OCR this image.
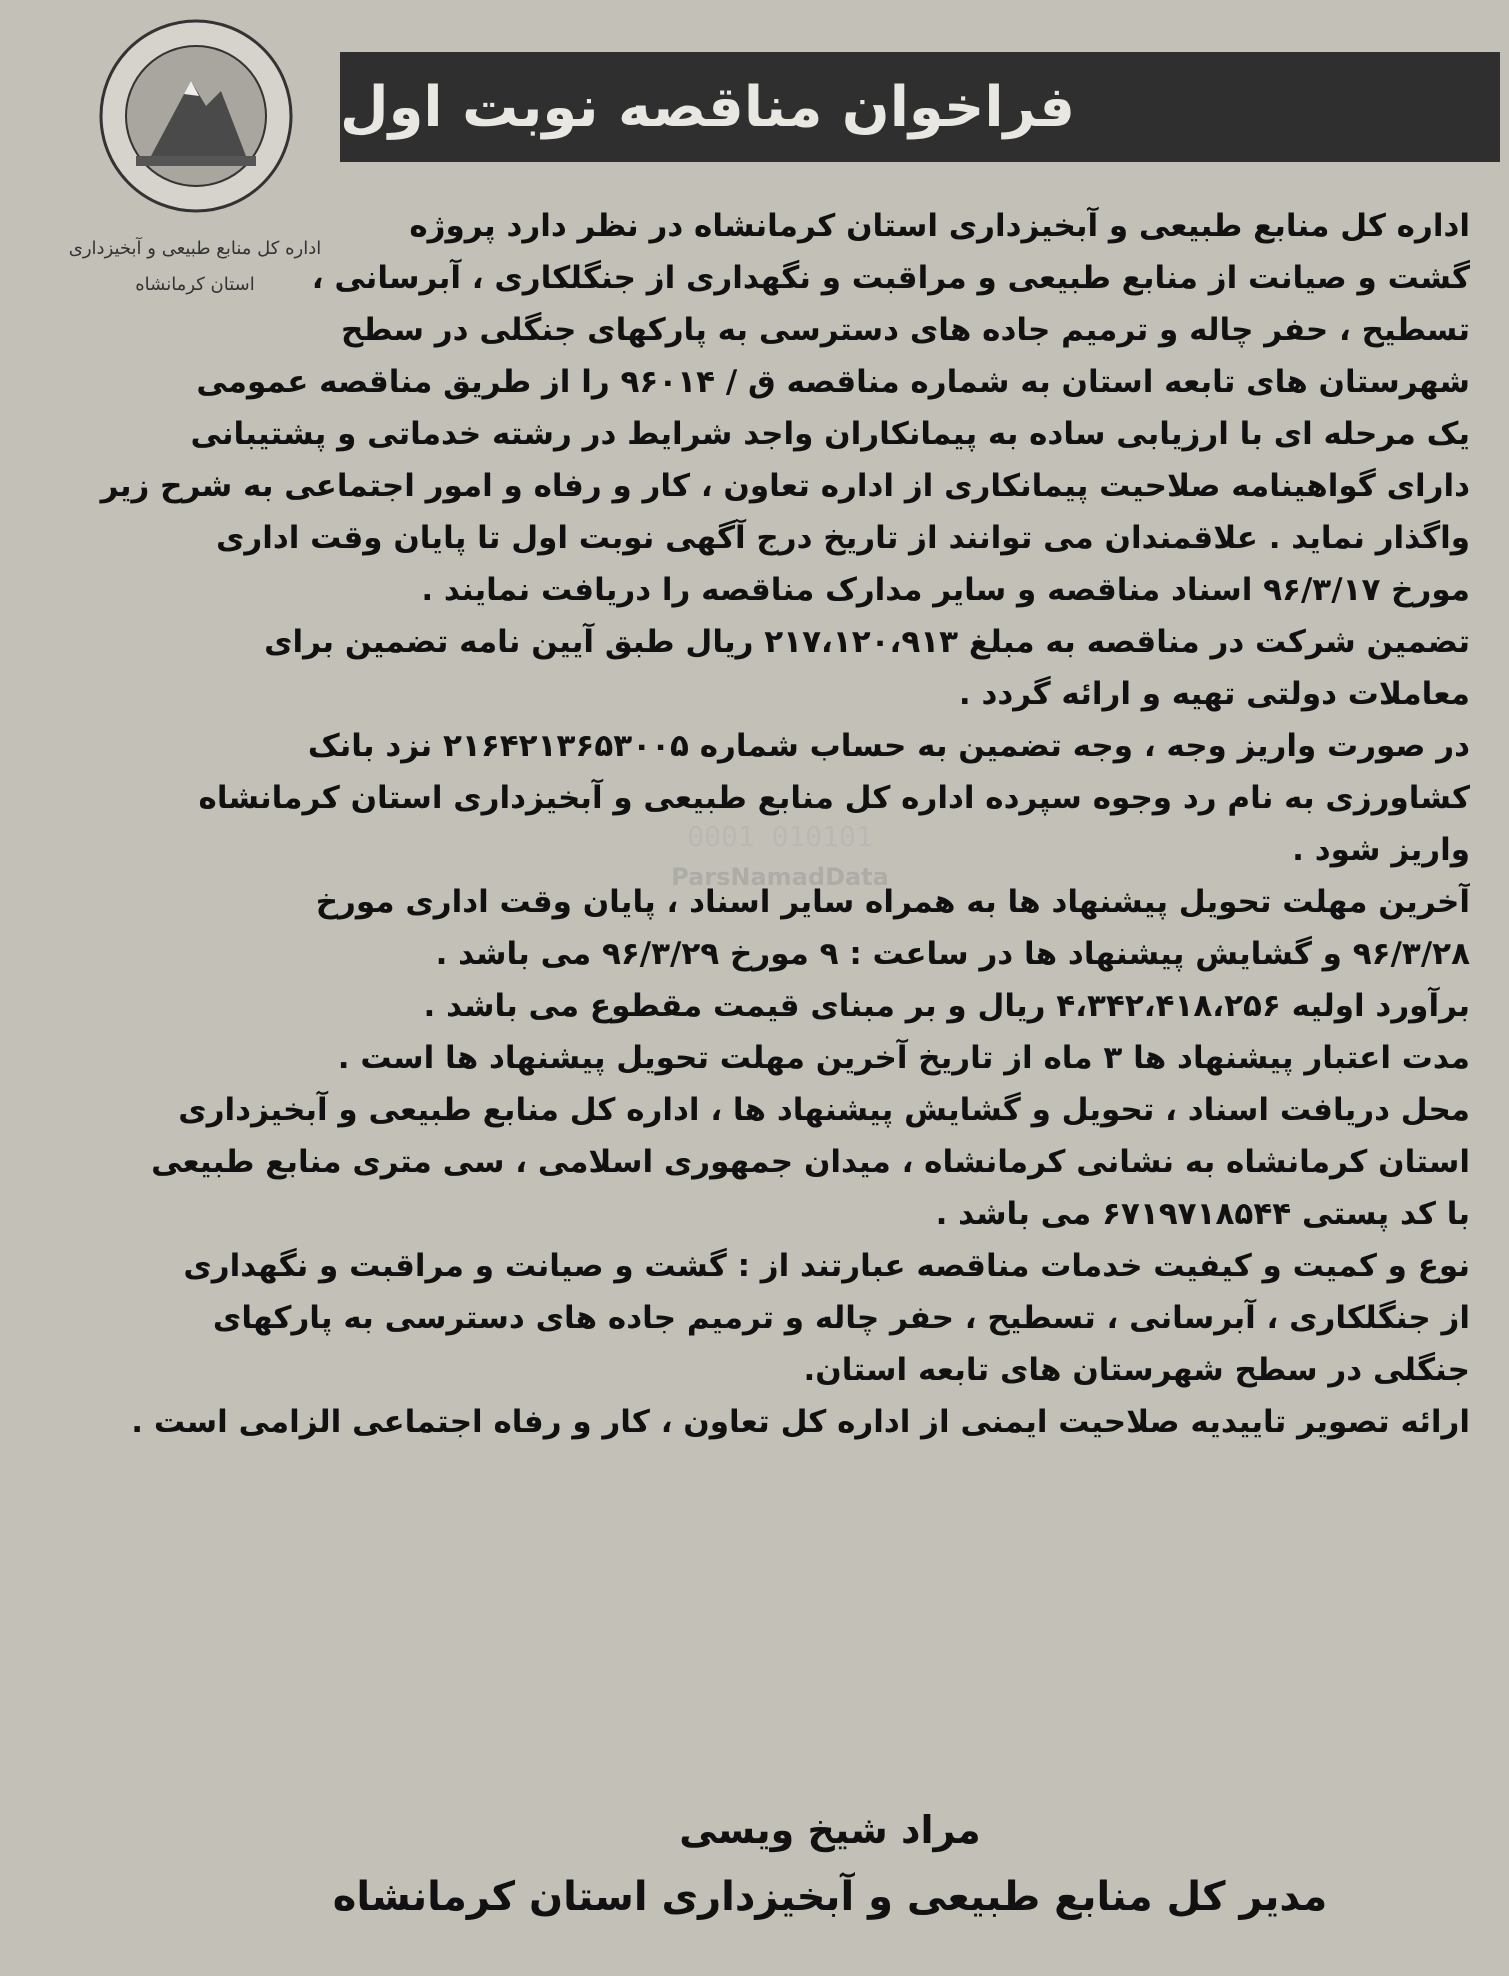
اداره کل منابع طبیعی و آبخیزداری
استان کرمانشاه
فراخوان مناقصه نوبت اول
010101 0001
ParsNamadData
اداره کل منابع طبیعی و آبخیزداری استان کرمانشاه در نظر دارد پروژه
گشت و صیانت از منابع طبیعی و مراقبت و نگهداری از جنگلکاری ، آبرسانی ،
تسطیح ، حفر چاله و ترمیم جاده های دسترسی به پارکهای جنگلی در سطح
شهرستان های تابعه استان به شماره مناقصه ق / ۹۶۰۱۴ را از طریق مناقصه عمومی
یک مرحله ای با ارزیابی ساده به پیمانکاران واجد شرایط در رشته خدماتی و پشتیبانی
دارای گواهینامه صلاحیت پیمانکاری از اداره تعاون ، کار و رفاه و امور اجتماعی به شرح زیر
واگذار نماید . علاقمندان می توانند از تاریخ درج آگهی نوبت اول تا پایان وقت اداری
مورخ ۹۶/۳/۱۷ اسناد مناقصه و سایر مدارک مناقصه را دریافت نمایند .
تضمین شرکت در مناقصه به مبلغ ۲۱۷،۱۲۰،۹۱۳ ریال طبق آیین نامه تضمین برای
معاملات دولتی تهیه و ارائه گردد .
در صورت واریز وجه ، وجه تضمین به حساب شماره ۲۱۶۴۲۱۳۶۵۳۰۰۵ نزد بانک
کشاورزی به نام رد وجوه سپرده اداره کل منابع طبیعی و آبخیزداری استان کرمانشاه
واریز شود .
آخرین مهلت تحویل پیشنهاد ها به همراه سایر اسناد ، پایان وقت اداری مورخ
۹۶/۳/۲۸ و گشایش پیشنهاد ها در ساعت : ۹ مورخ ۹۶/۳/۲۹ می باشد .
برآورد اولیه ۴،۳۴۲،۴۱۸،۲۵۶ ریال و بر مبنای قیمت مقطوع می باشد .
مدت اعتبار پیشنهاد ها ۳ ماه از تاریخ آخرین مهلت تحویل پیشنهاد ها است .
محل دریافت اسناد ، تحویل و گشایش پیشنهاد ها ، اداره کل منابع طبیعی و آبخیزداری
استان کرمانشاه به نشانی کرمانشاه ، میدان جمهوری اسلامی ، سی متری منابع طبیعی
با کد پستی ۶۷۱۹۷۱۸۵۴۴ می باشد .
نوع و کمیت و کیفیت خدمات مناقصه عبارتند از : گشت و صیانت و مراقبت و نگهداری
از جنگلکاری ، آبرسانی ، تسطیح ، حفر چاله و ترمیم جاده های دسترسی به پارکهای
جنگلی در سطح شهرستان های تابعه استان.
ارائه تصویر تاییدیه صلاحیت ایمنی از اداره کل تعاون ، کار و رفاه اجتماعی الزامی است .
مراد شیخ ویسی
مدیر کل منابع طبیعی و آبخیزداری استان کرمانشاه
